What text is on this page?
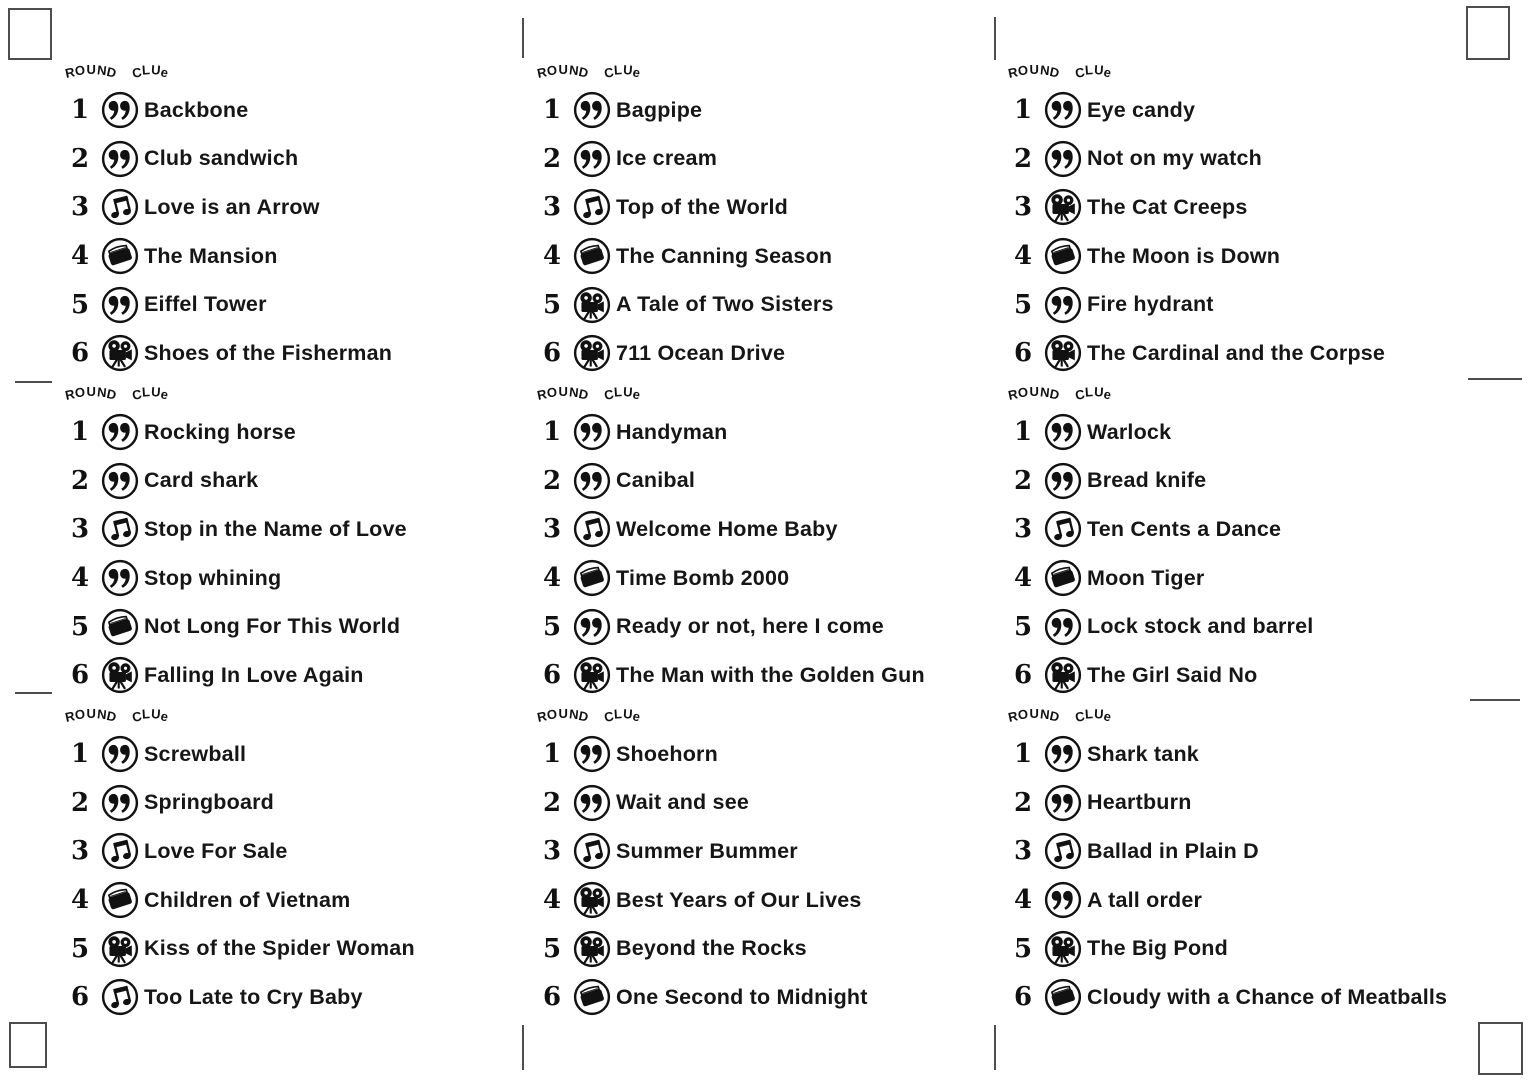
ROUND CLUe
1	Backbone
2	Club sandwich
3	Love is an Arrow
4	The Mansion
5	Eiffel Tower
6	Shoes of the Fisherman
ROUND CLUe
1	Bagpipe
2	Ice cream
3	Top of the World
4	The Canning Season
5	A Tale of Two Sisters
6	711 Ocean Drive
ROUND CLUe
1	Eye candy
2	Not on my watch
3	The Cat Creeps
4	The Moon is Down
5	Fire hydrant
6	The Cardinal and the Corpse
ROUND CLUe
1	Rocking horse
2	Card shark
3	Stop in the Name of Love
4	Stop whining
5	Not Long For This World
6	Falling In Love Again
ROUND CLUe
1	Handyman
2	Canibal
3	Welcome Home Baby
4	Time Bomb 2000
5	Ready or not, here I come
6	The Man with the Golden Gun
ROUND CLUe
1	Warlock
2	Bread knife
3	Ten Cents a Dance
4	Moon Tiger
5	Lock stock and barrel
6	The Girl Said No
ROUND CLUe
1	Screwball
2	Springboard
3	Love For Sale
4	Children of Vietnam
5	Kiss of the Spider Woman
6	Too Late to Cry Baby
ROUND CLUe
1	Shoehorn
2	Wait and see
3	Summer Bummer
4	Best Years of Our Lives
5	Beyond the Rocks
6	One Second to Midnight
ROUND CLUe
1	Shark tank
2	Heartburn
3	Ballad in Plain D
4	A tall order
5	The Big Pond
6	Cloudy with a Chance of Meatballs
